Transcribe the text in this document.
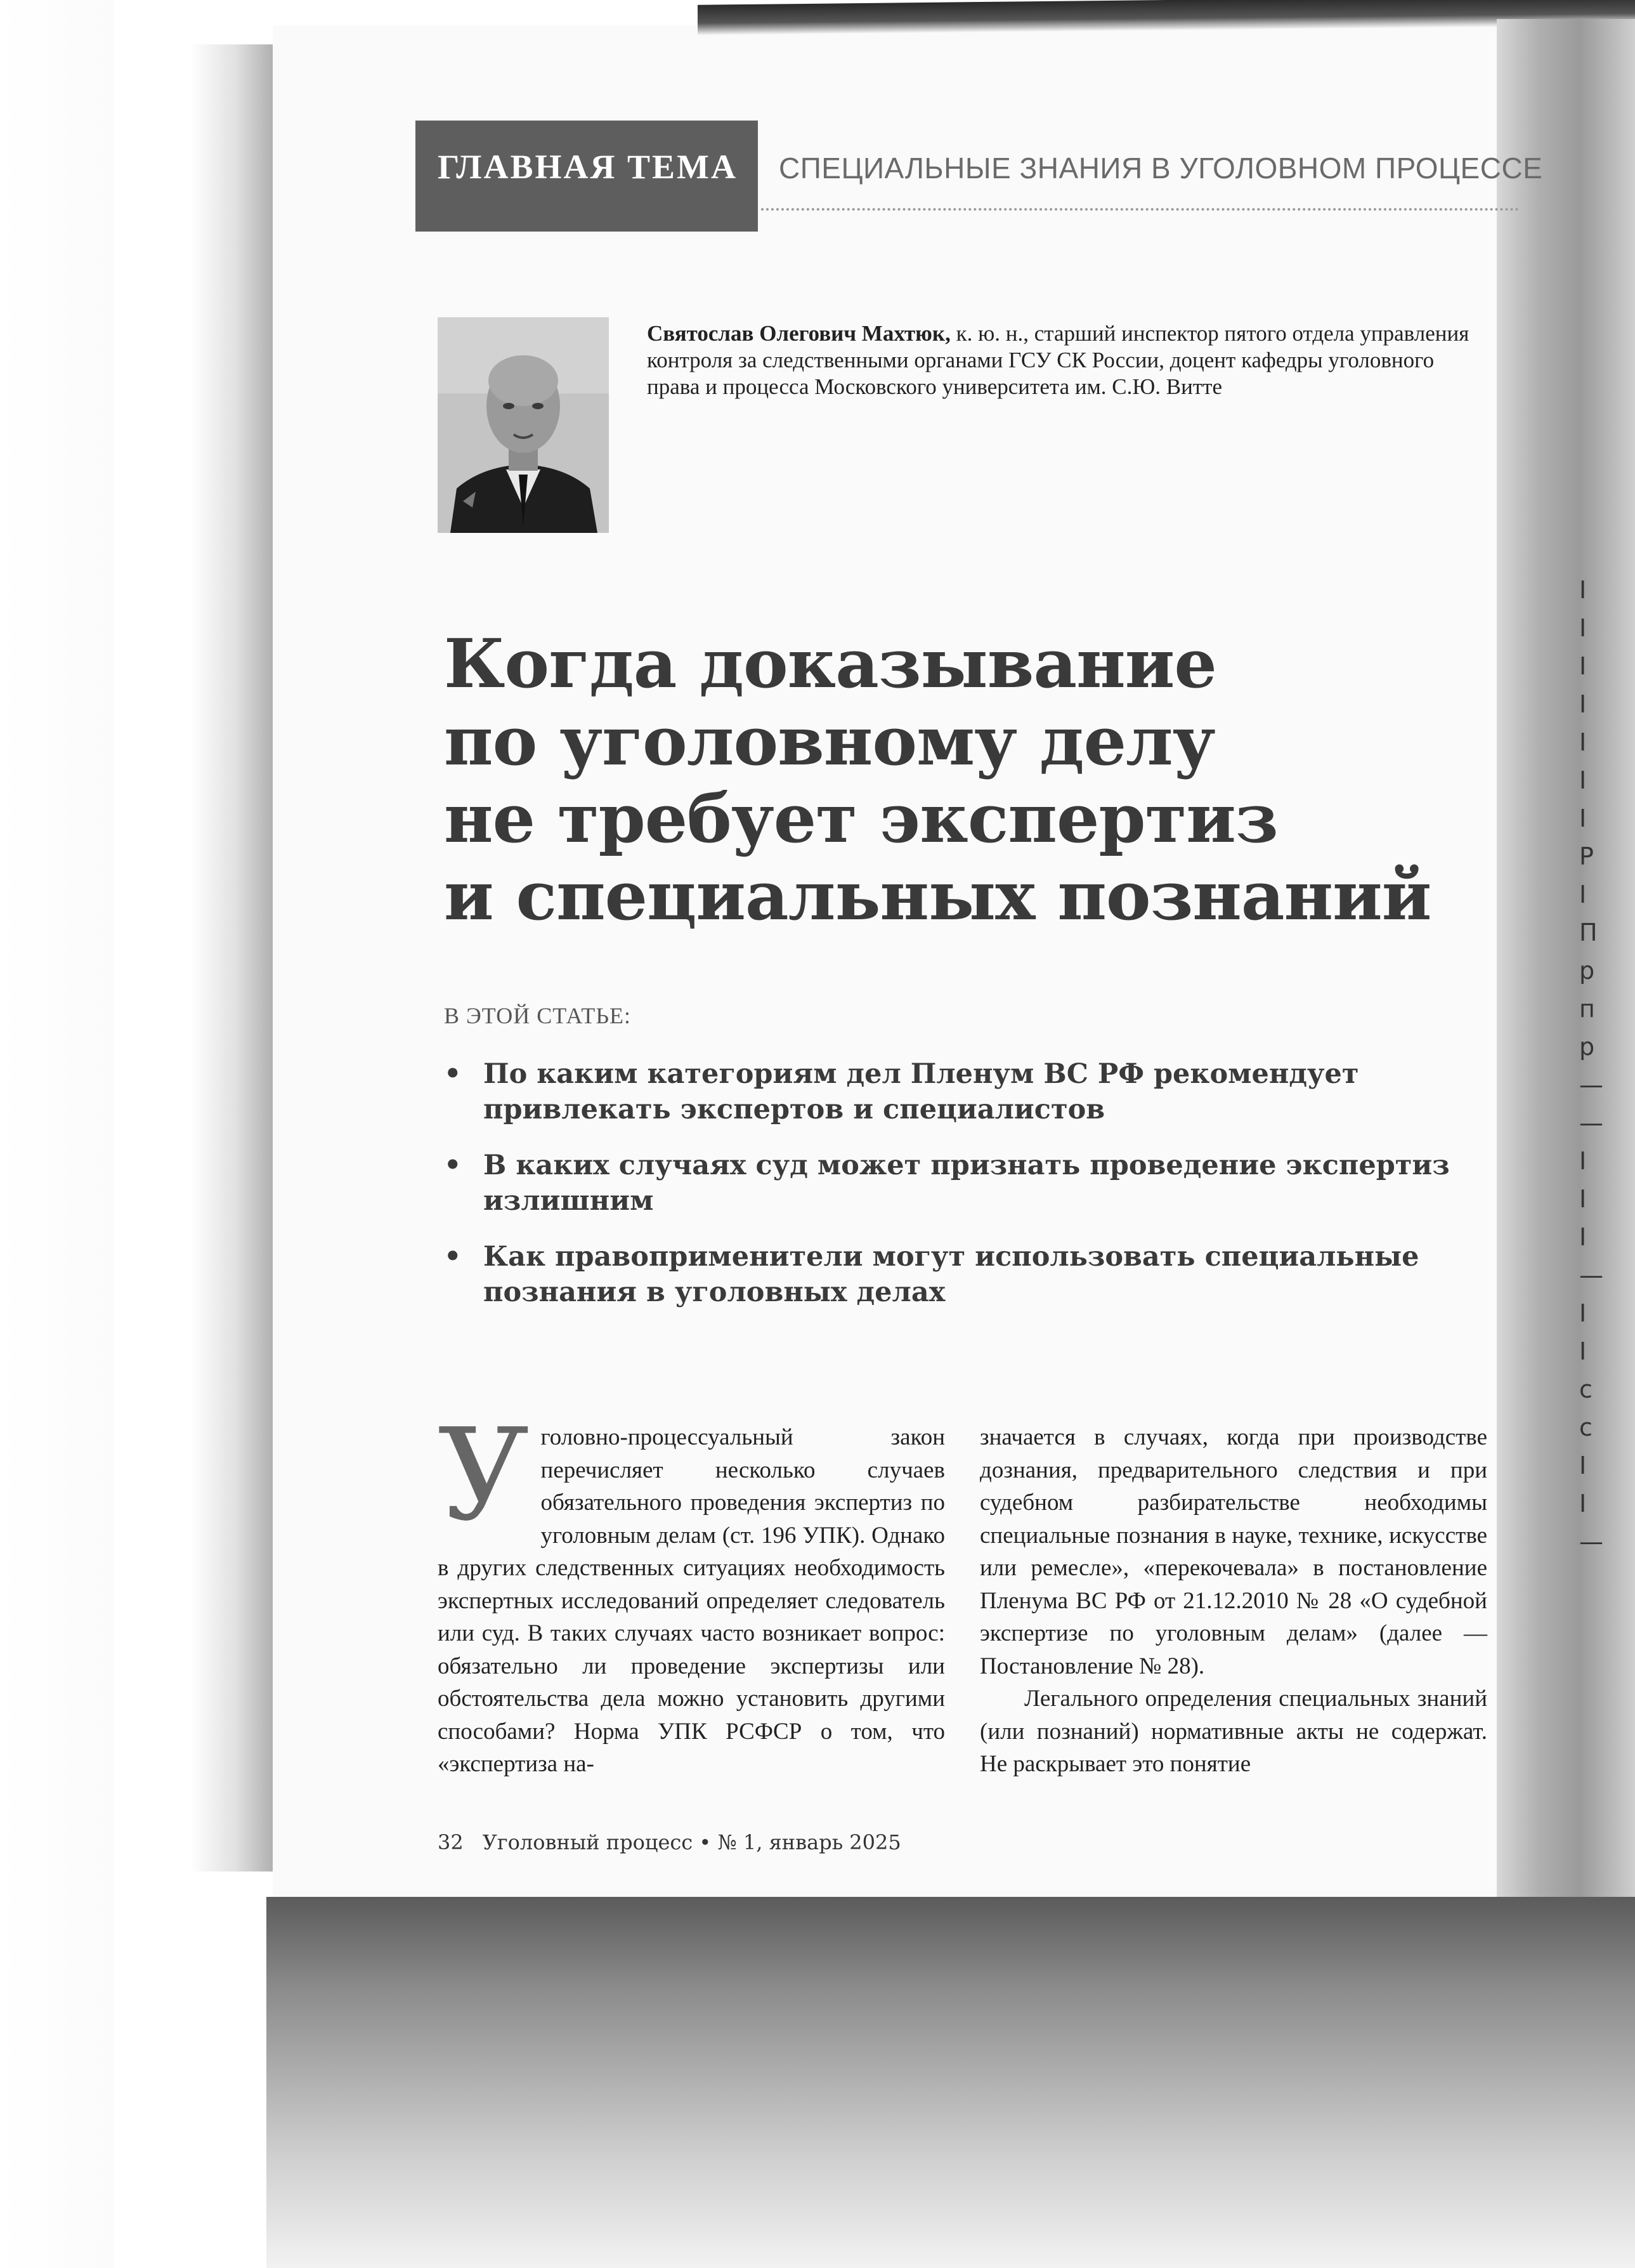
I
I
I
I
I
I
I
P
I
П
р
п
р
—
—
I
I
I
—
I
I
с
с
I
I
—
ГЛАВНАЯ ТЕМА СПЕЦИАЛЬНЫЕ ЗНАНИЯ В УГОЛОВНОМ ПРОЦЕССЕ
Святослав Олегович Махтюк, к. ю. н., старший инспектор пятого отдела управления контроля за следственными органами ГСУ СК России, доцент кафедры уголовного права и процесса Московского университета им. С.Ю. Витте
Когда доказывание
по уголовному делу
не требует экспертиз
и специальных познаний
В ЭТОЙ СТАТЬЕ:
• По каким категориям дел Пленум ВС РФ рекомендует привлекать экспертов и специалистов
• В каких случаях суд может признать проведение экспертиз излишним
• Как правоприменители могут использовать специальные познания в уголовных делах
У головно-процессуальный закон перечисляет несколько случаев обязательного проведения экспертиз по уголовным делам (ст. 196 УПК). Однако в других следственных ситуациях необходимость экспертных исследований определяет следователь или суд. В таких случаях часто возникает вопрос: обязательно ли проведение экспертизы или обстоятельства дела можно установить другими способами? Норма УПК РСФСР о том, что «экспертиза на-

значается в случаях, когда при производстве дознания, предварительного следствия и при судебном разбирательстве необходимы специальные познания в науке, технике, искусстве или ремесле», «перекочевала» в постановление Пленума ВС РФ от 21.12.2010 № 28 «О судебной экспертизе по уголовным делам» (далее — Постановление № 28).

Легального определения специальных знаний (или познаний) нормативные акты не содержат. Не раскрывает это понятие

32 Уголовный процесс • № 1, январь 2025
